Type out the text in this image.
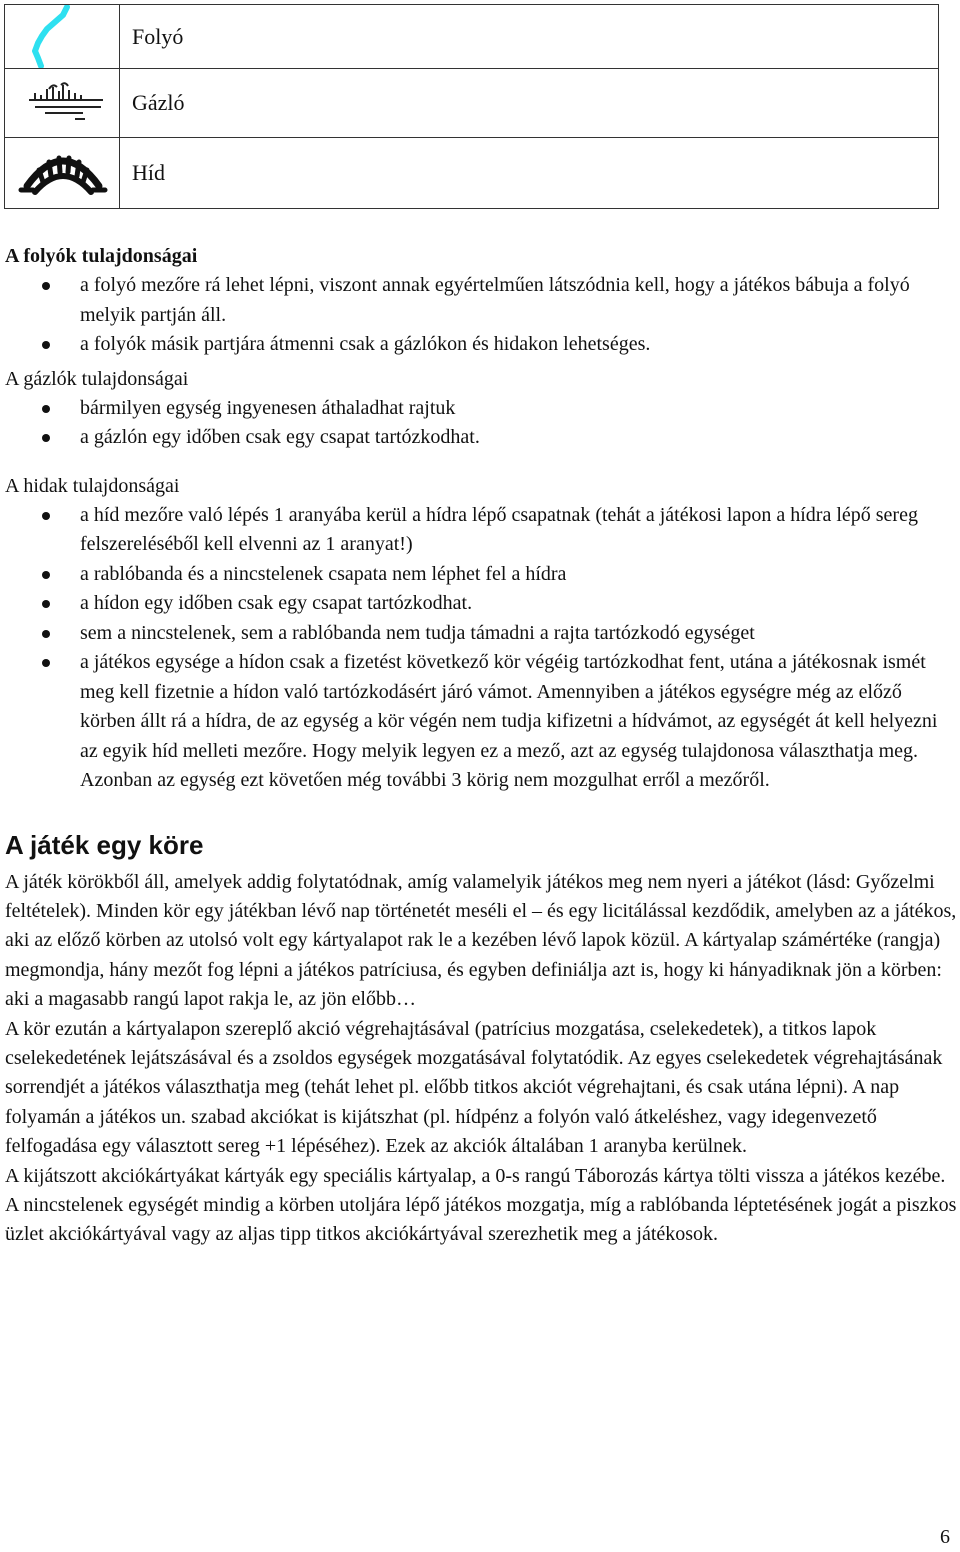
	Folyó

	Gázló

	Híd

A folyók tulajdonságai

a folyó mezőre rá lehet lépni, viszont annak egyértelműen látszódnia kell, hogy a játékos bábuja a folyó melyik partján áll.
a folyók másik partjára átmenni csak a gázlókon és hidakon lehetséges.

A gázlók tulajdonságai

bármilyen egység ingyenesen áthaladhat rajtuk
a gázlón egy időben csak egy csapat tartózkodhat.

A hidak tulajdonságai

a híd mezőre való lépés 1 aranyába kerül a hídra lépő csapatnak (tehát a játékosi lapon a hídra lépő sereg felszereléséből kell elvenni az 1 aranyat!)
a rablóbanda és a nincstelenek csapata nem léphet fel a hídra
a hídon egy időben csak egy csapat tartózkodhat.
sem a nincstelenek, sem a rablóbanda nem tudja támadni a rajta tartózkodó egységet
a játékos egysége a hídon csak a fizetést következő kör végéig tartózkodhat fent, utána a játékosnak ismét meg kell fizetnie a hídon való tartózkodásért járó vámot. Amennyiben a játékos egységre még az előző körben állt rá a hídra, de az egység a kör végén nem tudja kifizetni a hídvámot, az egységét át kell helyezni az egyik híd melleti mezőre. Hogy melyik legyen ez a mező, azt az egység tulajdonosa választhatja meg. Azonban az egység ezt követően még további 3 körig nem mozgulhat erről a mezőről.

A játék egy köre

A játék körökből áll, amelyek addig folytatódnak, amíg valamelyik játékos meg nem nyeri a játékot (lásd: Győzelmi feltételek). Minden kör egy játékban lévő nap történetét meséli el – és egy licitálással kezdődik, amelyben az a játékos, aki az előző körben az utolsó volt egy kártyalapot rak le a kezében lévő lapok közül. A kártyalap számértéke (rangja) megmondja, hány mezőt fog lépni a játékos patríciusa, és egyben definiálja azt is, hogy ki hányadiknak jön a körben: aki a magasabb rangú lapot rakja le, az jön előbb…

A kör ezután a kártyalapon szereplő akció végrehajtásával (patrícius mozgatása, cselekedetek), a titkos lapok cselekedetének lejátszásával és a zsoldos egységek mozgatásával folytatódik. Az egyes cselekedetek végrehajtásának sorrendjét a játékos választhatja meg (tehát lehet pl. előbb titkos akciót végrehajtani, és csak utána lépni). A nap folyamán a játékos un. szabad akciókat is kijátszhat (pl. hídpénz a folyón való átkeléshez, vagy idegenvezető felfogadása egy választott sereg +1 lépéséhez). Ezek az akciók általában 1 aranyba kerülnek.

A kijátszott akciókártyákat kártyák egy speciális kártyalap, a 0-s rangú Táborozás kártya tölti vissza a játékos kezébe.

A nincstelenek egységét mindig a körben utoljára lépő játékos mozgatja, míg a rablóbanda léptetésének jogát a piszkos üzlet akciókártyával vagy az aljas tipp titkos akciókártyával szerezhetik meg a játékosok.

6
